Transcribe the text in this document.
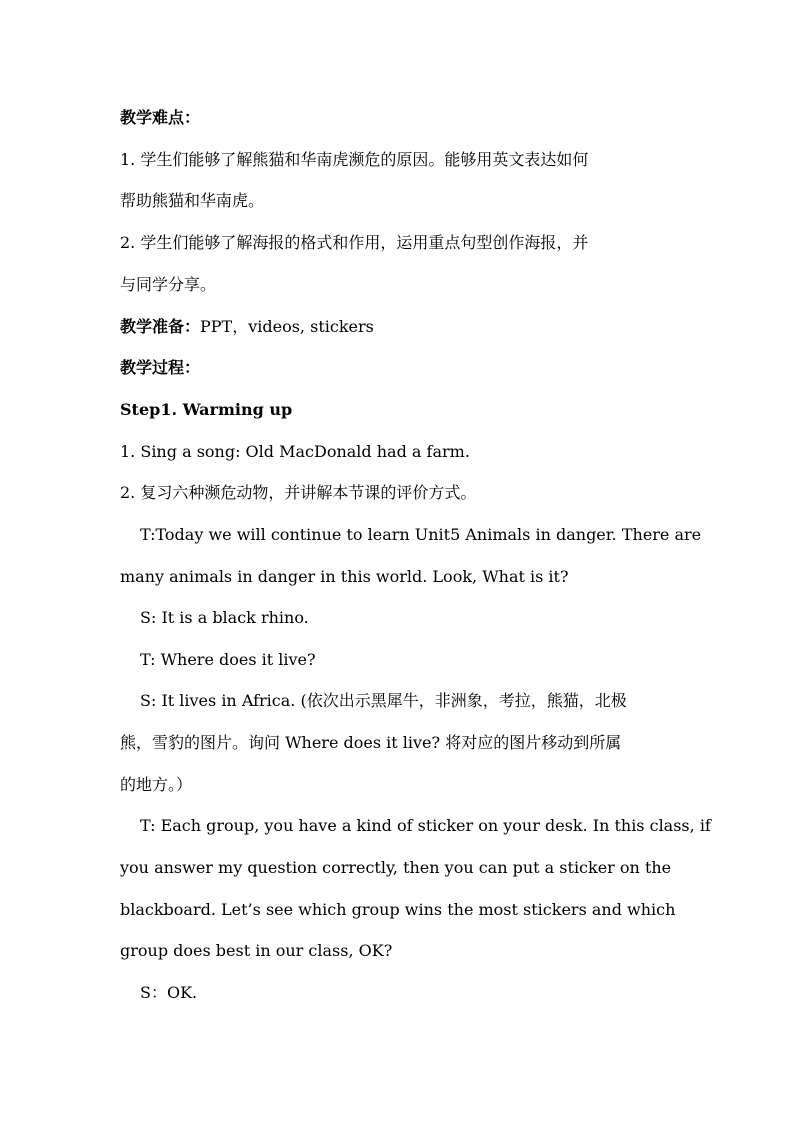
教学难点：
1. 学生们能够了解熊猫和华南虎濒危的原因。能够用英文表达如何
帮助熊猫和华南虎。
2. 学生们能够了解海报的格式和作用，运用重点句型创作海报，并
与同学分享。
教学准备：PPT，videos, stickers
教学过程：
Step1. Warming up
1. Sing a song: Old MacDonald had a farm.
2. 复习六种濒危动物，并讲解本节课的评价方式。
T:Today we will continue to learn Unit5 Animals in danger. There are
many animals in danger in this world. Look, What is it?
S: It is a black rhino.
T: Where does it live?
S: It lives in Africa. (依次出示黑犀牛，非洲象，考拉，熊猫，北极
熊，雪豹的图片。询问 Where does it live? 将对应的图片移动到所属
的地方。）
T: Each group, you have a kind of sticker on your desk. In this class, if
you answer my question correctly, then you can put a sticker on the
blackboard. Let’s see which group wins the most stickers and which
group does best in our class, OK?
S：OK.
